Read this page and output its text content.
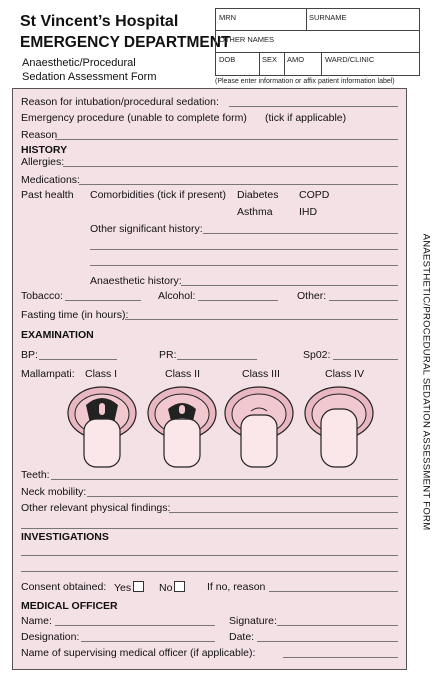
St Vincent’s Hospital
EMERGENCY DEPARTMENT
Anaesthetic/Procedural Sedation Assessment Form
MRN	SURNAME
OTHER NAMES
DOB	SEX AMO	WARD/CLINIC
(Please enter information or affix patient information label)
Reason for intubation/procedural sedation:
Emergency procedure (unable to complete form) (tick if applicable)
Reason
HISTORY
Allergies:
Medications:
Past health Comorbidities (tick if present) Diabetes COPD
Asthma	IHD
Other significant history:
Anaesthetic history:
Tobacco:	Alcohol:	Other:
Fasting time (in hours):
EXAMINATION
BP:	PR:	Sp02:
Mallampati: Class I	Class II	Class III	Class IV
Teeth:
Neck mobility:
Other relevant physical findings:
INVESTIGATIONS
Consent obtained: Yes	No	If no, reason
MEDICAL OFFICER
Name:	Signature:
Designation:	Date:
Name of supervising medical officer (if applicable):
ANAESTHETIC/PROCEDURAL SEDATION ASSESSMENT FORM
